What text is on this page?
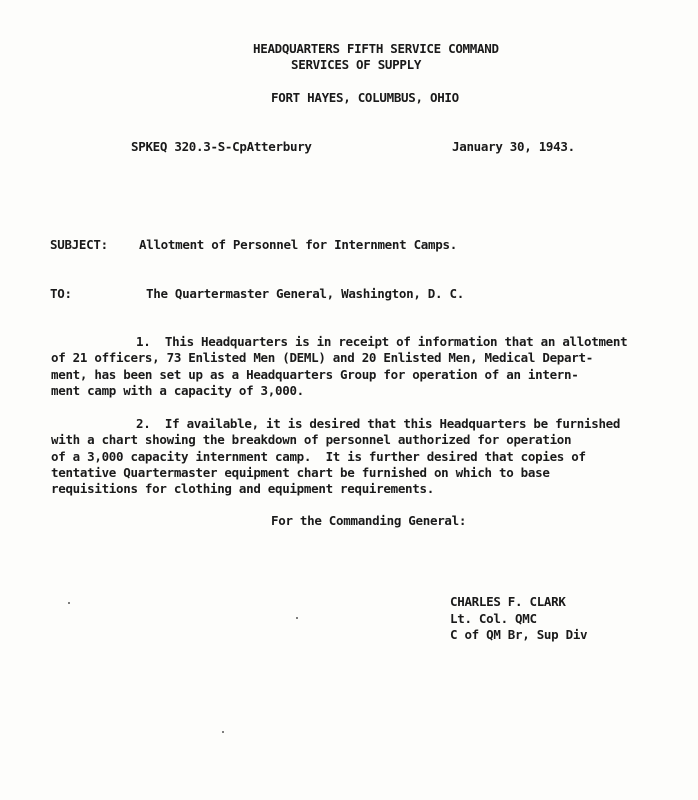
HEADQUARTERS FIFTH SERVICE COMMAND
SERVICES OF SUPPLY
FORT HAYES, COLUMBUS, OHIO
SPKEQ 320.3-S-CpAtterbury	January 30, 1943.
SUBJECT: Allotment of Personnel for Internment Camps.
TO:	The Quartermaster General, Washington, D. C.
1.  This Headquarters is in receipt of information that an allotment
of 21 officers, 73 Enlisted Men (DEML) and 20 Enlisted Men, Medical Depart-
ment, has been set up as a Headquarters Group for operation of an intern-
ment camp with a capacity of 3,000.
2.  If available, it is desired that this Headquarters be furnished
with a chart showing the breakdown of personnel authorized for operation
of a 3,000 capacity internment camp.  It is further desired that copies of
tentative Quartermaster equipment chart be furnished on which to base
requisitions for clothing and equipment requirements.
For the Commanding General:
CHARLES F. CLARK
Lt. Col. QMC
C of QM Br, Sup Div
